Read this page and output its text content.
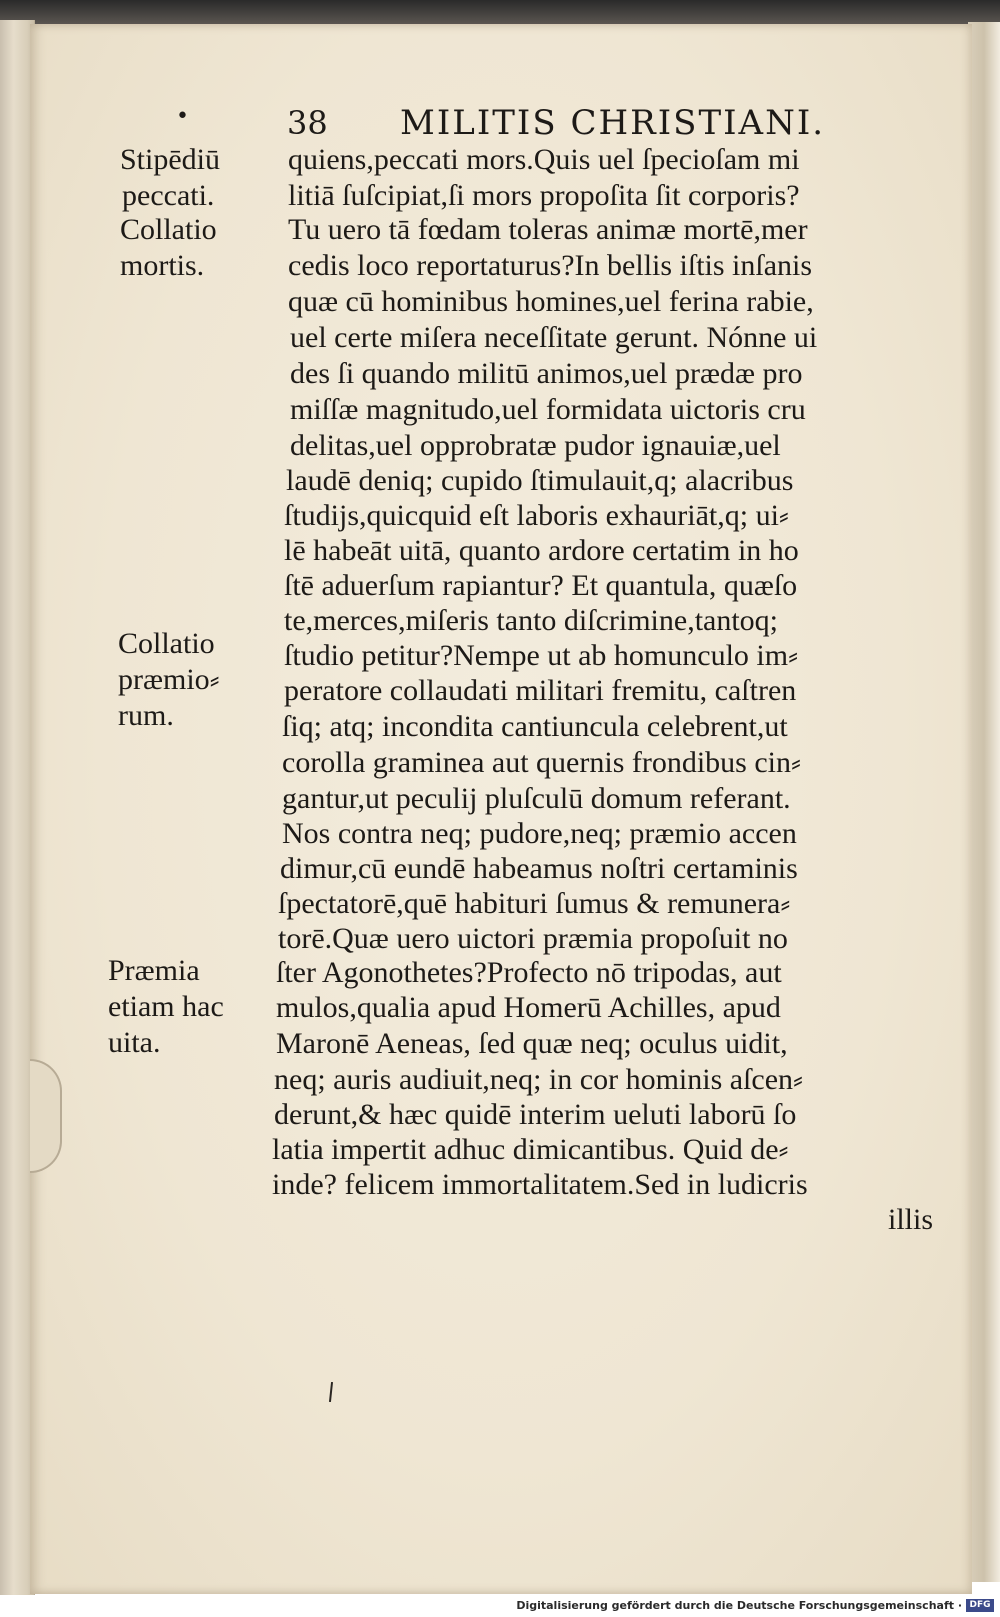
•	38 MILITIS CHRISTIANI.
Stipēdiū
peccati.
Collatio
mortis.
Collatio
præmio⸗
rum.
Præmia
etiam hac
uita.
quiens,peccati mors.Quis uel ſpecioſam mi
litiā ſuſcipiat,ſi mors propoſita ſit corporis?
Tu uero tā fœdam toleras animæ mortē,mer
cedis loco reportaturus?In bellis iſtis inſanis
quæ cū hominibus homines,uel ferina rabie,
uel certe miſera neceſſitate gerunt. Nónne ui
des ſi quando militū animos,uel prædæ pro
miſſæ magnitudo,uel formidata uictoris cru
delitas,uel opprobratæ pudor ignauiæ,uel
laudē deniq; cupido ſtimulauit,q; alacribus
ſtudijs,quicquid eſt laboris exhauriāt,q; ui⸗
lē habeāt uitā, quanto ardore certatim in ho
ſtē aduerſum rapiantur? Et quantula, quæſo
te,merces,miſeris tanto diſcrimine,tantoq;
ſtudio petitur?Nempe ut ab homunculo im⸗
peratore collaudati militari fremitu, caſtren
ſiq; atq; incondita cantiuncula celebrent,ut
corolla graminea aut quernis frondibus cin⸗
gantur,ut peculij pluſculū domum referant.
Nos contra neq; pudore,neq; præmio accen
dimur,cū eundē habeamus noſtri certaminis
ſpectatorē,quē habituri ſumus & remunera⸗
torē.Quæ uero uictori præmia propoſuit no
ſter Agonothetes?Profecto nō tripodas, aut
mulos,qualia apud Homerū Achilles, apud
Maronē Aeneas, ſed quæ neq; oculus uidit,
neq; auris audiuit,neq; in cor hominis aſcen⸗
derunt,& hæc quidē interim ueluti laborū ſo
latia impertit adhuc dimicantibus. Quid de⸗
inde? felicem immortalitatem.Sed in ludicris
illis
Digitalisierung gefördert durch die Deutsche Forschungsgemeinschaft · DFG
